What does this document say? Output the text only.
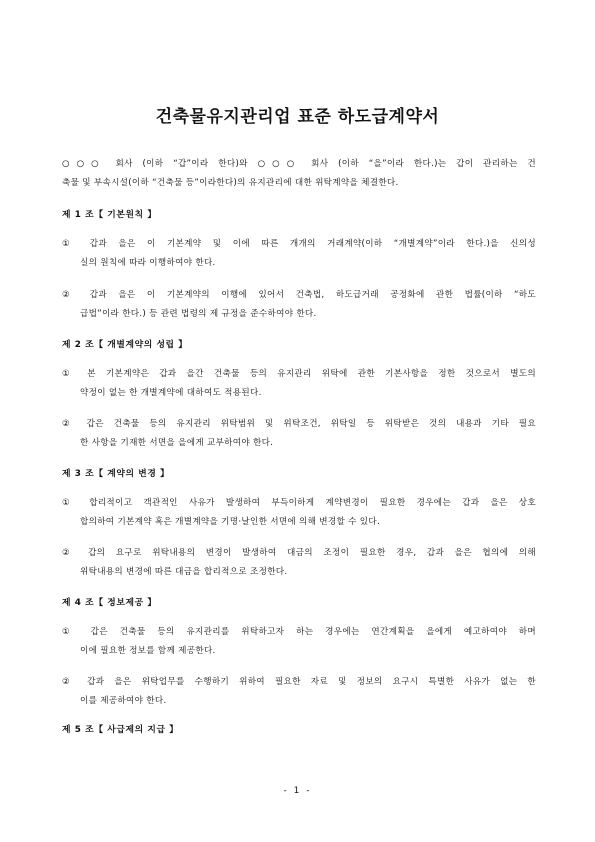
건축물유지관리업 표준 하도급계약서
○○○ 회사 (이하 “갑”이라 한다)와 ○○○ 회사 (이하 “을”이라 한다.)는 갑이 관리하는 건
축물 및 부속시설(이하 “건축물 등”이라한다)의 유지관리에 대한 위탁계약을 체결한다.
제 1 조【 기본원칙 】
① 갑과 을은 이 기본계약 및 이에 따른 개개의 거래계약(이하 “개별계약”이라 한다.)을 신의성
실의 원칙에 따라 이행하여야 한다.
② 갑과 을은 이 기본계약의 이행에 있어서 건축법, 하도급거래 공정화에 관한 법률(이하 “하도
급법”이라 한다.) 등 관련 법령의 제 규정을 준수하여야 한다.
제 2 조【 개별계약의 성립 】
① 본 기본계약은 갑과 을간 건축물 등의 유지관리 위탁에 관한 기본사항을 정한 것으로서 별도의
약정이 없는 한 개별계약에 대하여도 적용된다.
② 갑은 건축물 등의 유지관리 위탁범위 및 위탁조건, 위탁일 등 위탁받은 것의 내용과 기타 필요
한 사항을 기재한 서면을 을에게 교부하여야 한다.
제 3 조【 계약의 변경 】
① 합리적이고 객관적인 사유가 발생하여 부득이하게 계약변경이 필요한 경우에는 갑과 을은 상호
합의하여 기본계약 혹은 개별계약을 기명·날인한 서면에 의해 변경할 수 있다.
② 갑의 요구로 위탁내용의 변경이 발생하여 대금의 조정이 필요한 경우, 갑과 을은 협의에 의해
위탁내용의 변경에 따른 대금을 합리적으로 조정한다.
제 4 조【 정보제공 】
① 갑은 건축물 등의 유지관리를 위탁하고자 하는 경우에는 연간계획을 을에게 예고하여야 하며
이에 필요한 정보를 함께 제공한다.
② 갑과 을은 위탁업무를 수행하기 위하여 필요한 자료 및 정보의 요구시 특별한 사유가 없는 한
이를 제공하여야 한다.
제 5 조【 사급제의 지급 】
- 1 -
